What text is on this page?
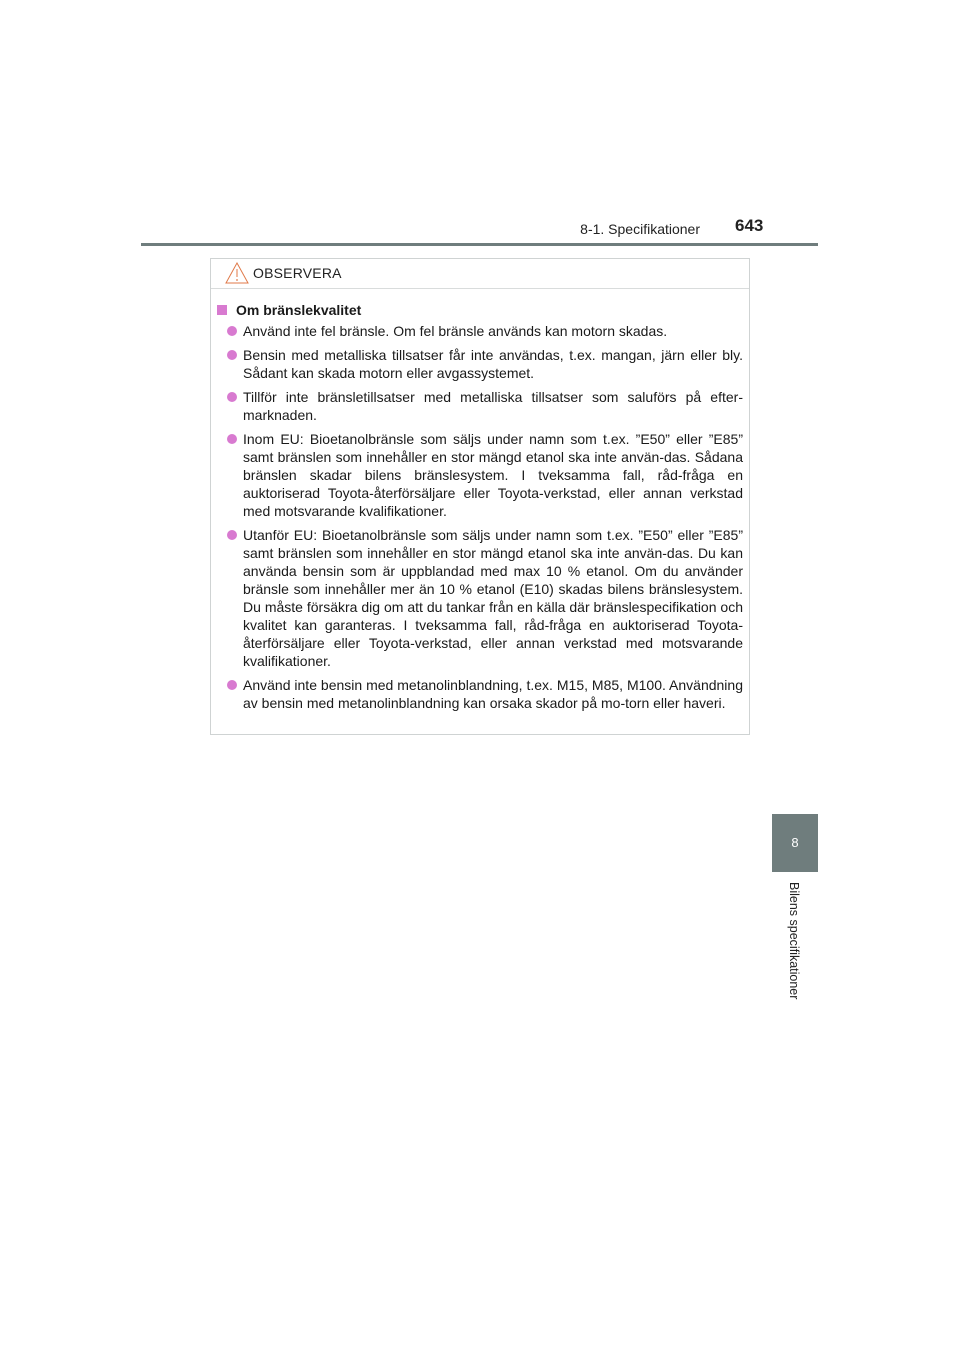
8-1. Specifikationer 643
8
Bilens specifikationer
OBSERVERA
Om bränslekvalitet
Använd inte fel bränsle. Om fel bränsle används kan motorn skadas.
Bensin med metalliska tillsatser får inte användas, t.ex. mangan, järn eller bly. Sådant kan skada motorn eller avgassystemet.
Tillför inte bränsletillsatser med metalliska tillsatser som saluförs på efter-marknaden.
Inom EU: Bioetanolbränsle som säljs under namn som t.ex. ”E50” eller ”E85” samt bränslen som innehåller en stor mängd etanol ska inte använ-das. Sådana bränslen skadar bilens bränslesystem. I tveksamma fall, råd-fråga en auktoriserad Toyota-återförsäljare eller Toyota-verkstad, eller annan verkstad med motsvarande kvalifikationer.
Utanför EU: Bioetanolbränsle som säljs under namn som t.ex. ”E50” eller ”E85” samt bränslen som innehåller en stor mängd etanol ska inte använ-das. Du kan använda bensin som är uppblandad med max 10 % etanol. Om du använder bränsle som innehåller mer än 10 % etanol (E10) skadas bilens bränslesystem. Du måste försäkra dig om att du tankar från en källa där bränslespecifikation och kvalitet kan garanteras. I tveksamma fall, råd-fråga en auktoriserad Toyota-återförsäljare eller Toyota-verkstad, eller annan verkstad med motsvarande kvalifikationer.
Använd inte bensin med metanolinblandning, t.ex. M15, M85, M100. Användning av bensin med metanolinblandning kan orsaka skador på mo-torn eller haveri.
